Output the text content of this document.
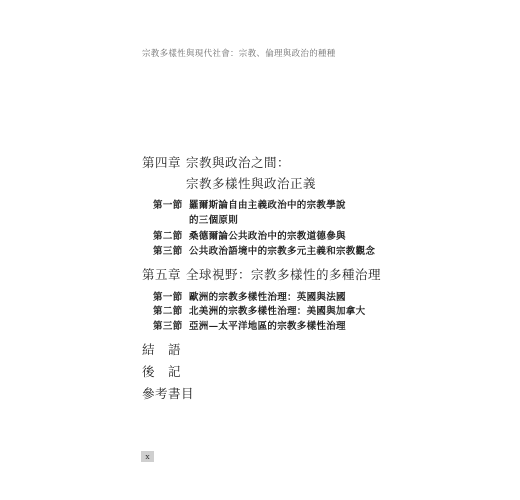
宗教多樣性與現代社會：宗教、倫理與政治的種種
第四章 宗教與政治之間：
宗教多樣性與政治正義
第一節 羅爾斯論自由主義政治中的宗教學說
的三個原則
第二節 桑德爾論公共政治中的宗教道德參與
第三節 公共政治語境中的宗教多元主義和宗教觀念
第五章 全球視野：宗教多樣性的多種治理
第一節 歐洲的宗教多樣性治理：英國與法國
第二節 北美洲的宗教多樣性治理：美國與加拿大
第三節 亞洲—太平洋地區的宗教多樣性治理
結　語
後　記
參考書目
x
